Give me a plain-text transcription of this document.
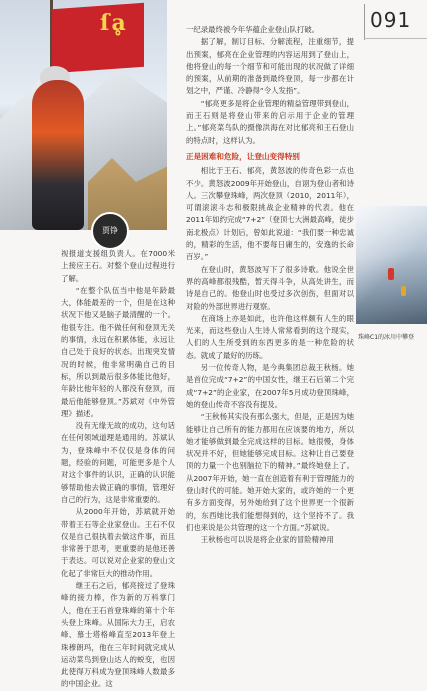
ſḁ
贾铮
091

视报道支援组负责人。在7000米上接应王石。对整个登山过程进行了解。

“在整个队伍当中他是年龄最大，体能最差的一个，但是在这种状况下他又是脑子最清醒的一个。他很专注。他不做任何和登顶无关的事情，永远在积累体能，永远让自己处于良好的状态。出现突发情况的时候，他非常明确自己的目标，所以到最后很多体能比他好，年龄比他年轻的人都没有登顶，而最后他能够登顶。”苏斌对《中外管理》描述。

没有无缘无故的成功，这句话在任何领域道理是通用的。苏斌认为，登珠峰中不仅仅是身体的问题，经验的问题，可能更多是个人对这个事件的认识，正确的认识能够帮助他去做正确的事情，管理好自己的行为，这是非常重要的。

从2000年开始，苏斌就开始带着王石等企业家登山。王石不仅仅是自己很执着去做这件事，而且非常善于思考，更重要的是他还善于表达。可以说对企业家的登山文化起了非常巨大的推动作用。

继王石之后，郁亮接过了登珠峰的接力棒，作为新的万科掌门人，他在王石首登珠峰的第十个年头登上珠峰。从国际大力王，启农峰、慕士塔格峰直至2013年登上珠穆朗玛，他在三年时间就完成从运动菜鸟到登山达人的蜕变，也因此使得万科成为登顶珠峰人数最多的中国企业。这

一纪录最终被今年华蕴企业登山队打破。

据了解，制订目标、分解流程，注重细节，提出预案，郁亮在企业管理的内容运用到了登山上，他将登山的每一个细节和可能出现的状况做了详细的预案，从前期的准备到最终登顶，每一步都在计划之中，严谨、冷静得“令人发指”。

“郁亮更多是将企业管理的精益管理带到登山，而王石则是将登山带来的启示用于企业的管理上。”郁亮菜鸟队的摄像洪海在对比郁亮和王石登山的特点时，这样认为。

正是困难和危险，让登山变得特别

相比于王石、郁亮，黄怒波的传奇色彩一点也不少。黄怒波2009年开始登山，自诩为登山者和诗人。三次攀登珠峰，两次登顶（2010，2011年），可谓滚滚斗志和极限挑战企业精神的代表。他在2011年如约完成“7+2”（登顶七大洲最高峰，徒步南北极点）计划后，曾如此说道：“我们要一种忠诚的，精彩的生活，他不要每日庸生的，安逸的长命百岁。”

在登山时，黄怒波写下了很多诗歌。他说全世界的高峰都很残酷，暂天得斗争，从高处讲生，而诗是自己的。他登山时也受过多次创伤，但面对以对险的外部世界进行观察。

在商场上亦是如此，也许他这样颇有人生的眼光来，而这些登山人生诗人常常看到的这个现实，人们的人生所受到的东西更多的是一种危险的状态。就成了最好的历练。

另一位传奇人物，是今典集团总裁王秋杨。她是首位完成“7+2”的中国女性，继王石后第二个完成“7+2”的企业家，在2007年5月成功登顶珠峰，她的登山传奇不容没有提及。

“王秋杨其实没有那么强大，但是，正是因为她能够让自己所有的能力都用在应该要的地方，所以她才能够做到最全完成这样的目标。她很慢，身体状况并不好，但她能够完成目标。这种让自己要登顶的力量一个也别脑拉下的精神。”最终她登上了。从2007年开始，她一直在创造着有利于管理能力的登山时代的可能。她开始大家的，或许她的一个更有多方面变得，另外她给到了这个世界更一个很新的，东西她比我们能想得到的，这个坚持不了。我们也来说是公共管理的这一个方面。”苏斌说。

王秋杨也可以说是将企业家的冒险精神用

珠峰C1的冰川中攀登
